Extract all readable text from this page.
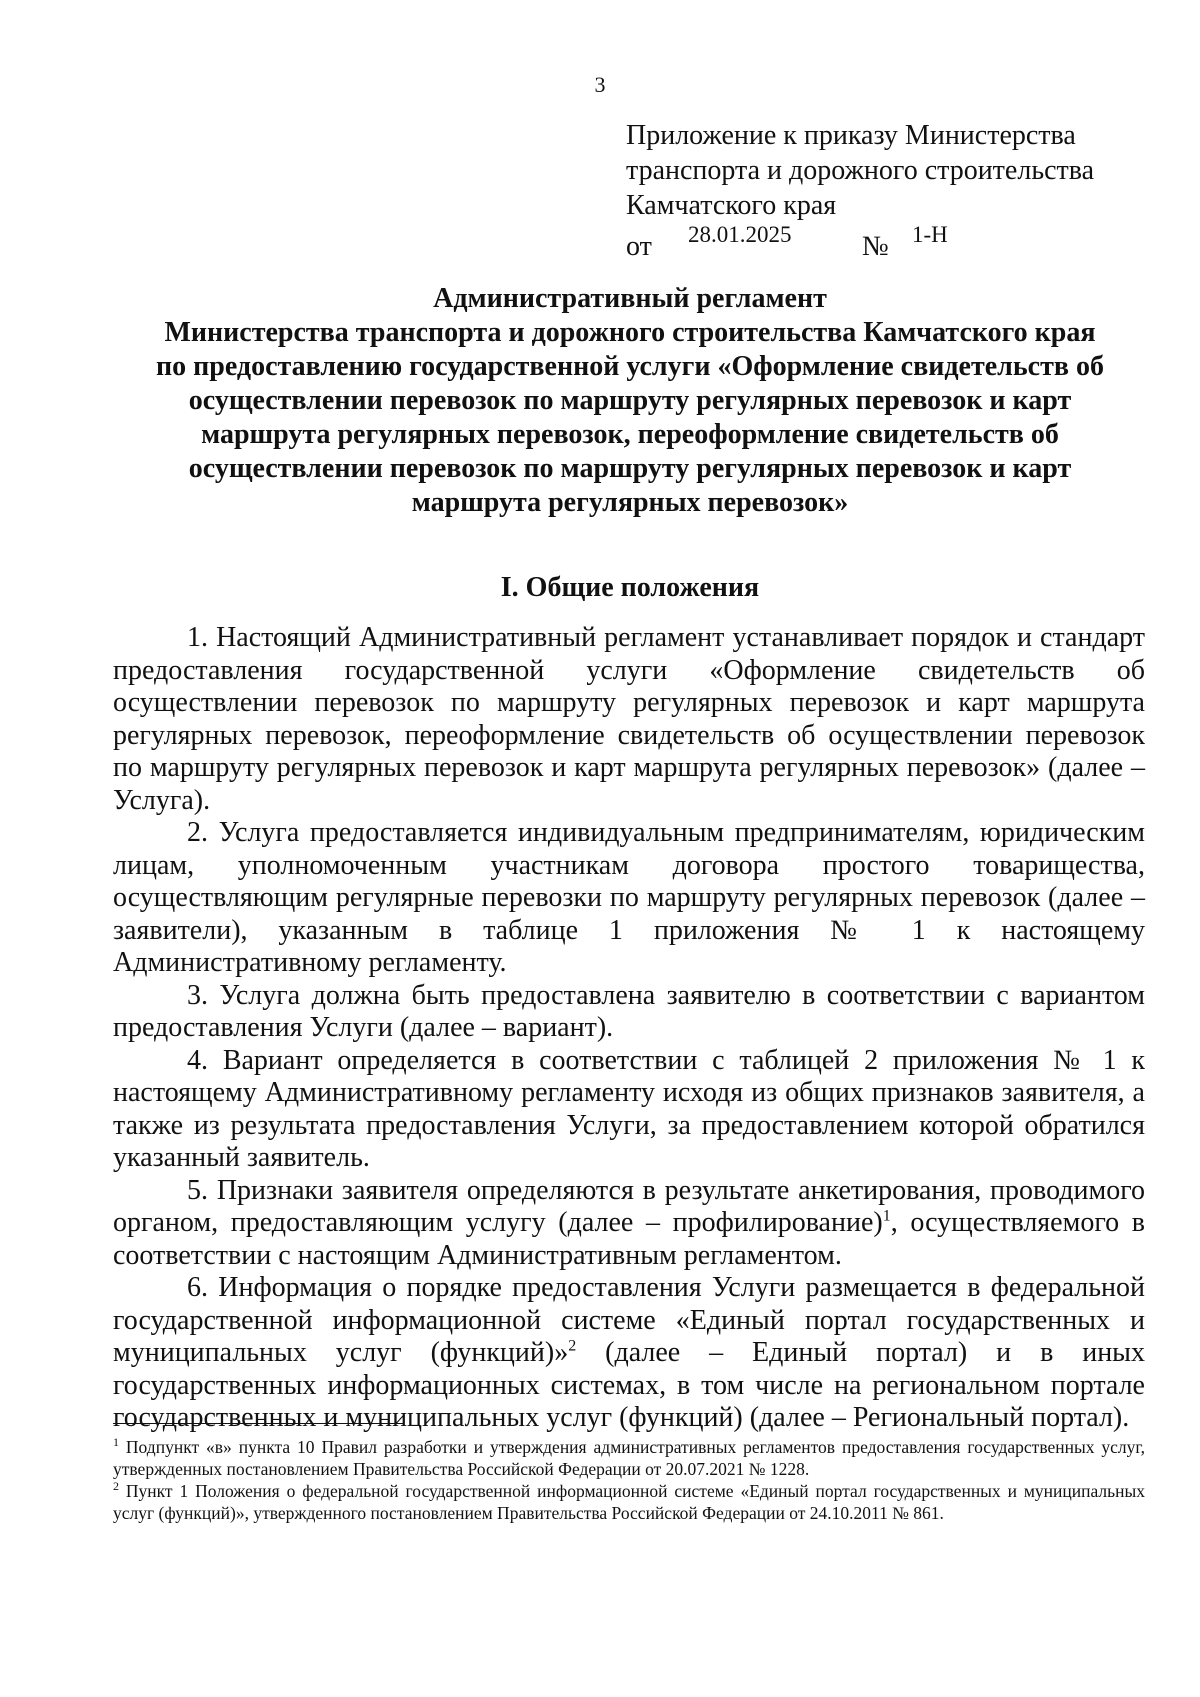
3
Приложение к приказу Министерства
транспорта и дорожного строительства
Камчатского края
от 28.01.2025	№ 1-Н
Административный регламент
Министерства транспорта и дорожного строительства Камчатского края
по предоставлению государственной услуги «Оформление свидетельств об
осуществлении перевозок по маршруту регулярных перевозок и карт
маршрута регулярных перевозок, переоформление свидетельств об
осуществлении перевозок по маршруту регулярных перевозок и карт
маршрута регулярных перевозок»
I. Общие положения

1. Настоящий Административный регламент устанавливает порядок и стандарт предоставления государственной услуги «Оформление свидетельств об осуществлении перевозок по маршруту регулярных перевозок и карт маршрута регулярных перевозок, переоформление свидетельств об осуществлении перевозок по маршруту регулярных перевозок и карт маршрута регулярных перевозок» (далее – Услуга).

2. Услуга предоставляется индивидуальным предпринимателям, юридическим лицам, уполномоченным участникам договора простого товарищества, осуществляющим регулярные перевозки по маршруту регулярных перевозок (далее – заявители), указанным в таблице 1 приложения № 1 к настоящему Административному регламенту.

3. Услуга должна быть предоставлена заявителю в соответствии с вариантом предоставления Услуги (далее – вариант).

4. Вариант определяется в соответствии с таблицей 2 приложения № 1 к настоящему Административному регламенту исходя из общих признаков заявителя, а также из результата предоставления Услуги, за предоставлением которой обратился указанный заявитель.

5. Признаки заявителя определяются в результате анкетирования, проводимого органом, предоставляющим услугу (далее – профилирование)$^1$, осуществляемого в соответствии с настоящим Административным регламентом.

6. Информация о порядке предоставления Услуги размещается в федеральной государственной информационной системе «Единый портал государственных и муниципальных услуг (функций)»$^2$ (далее – Единый портал) и в иных государственных информационных системах, в том числе на региональном портале государственных и муниципальных услуг (функций) (далее – Региональный портал).

$^1$ Подпункт «в» пункта 10 Правил разработки и утверждения административных регламентов предоставления государственных услуг, утвержденных постановлением Правительства Российской Федерации от 20.07.2021 № 1228.

$^2$ Пункт 1 Положения о федеральной государственной информационной системе «Единый портал государственных и муниципальных услуг (функций)», утвержденного постановлением Правительства Российской Федерации от 24.10.2011 № 861.
